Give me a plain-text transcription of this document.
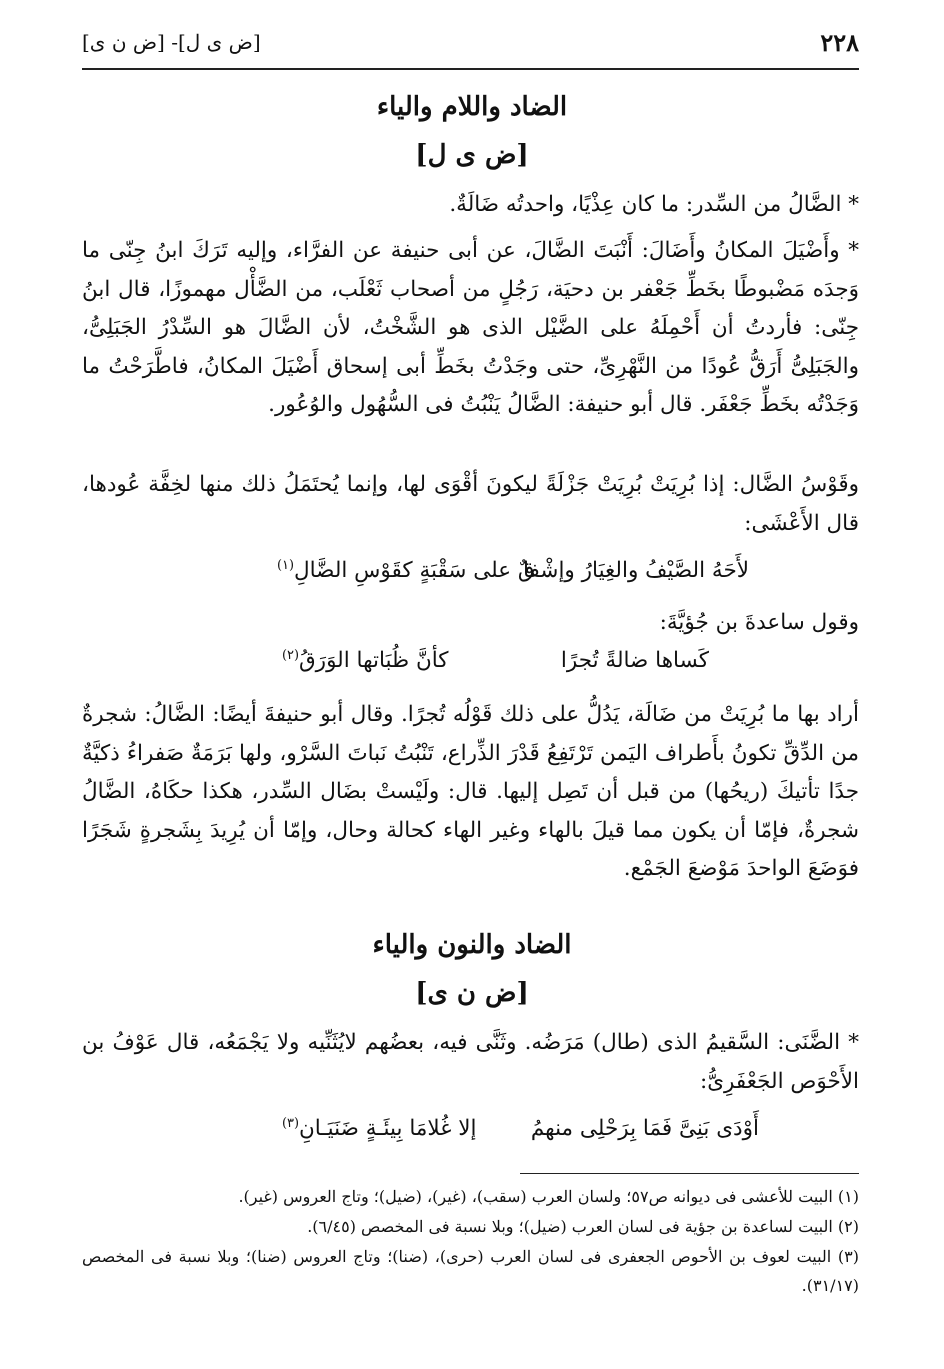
٢٢٨
[ض ى ل]- [ض ن ى]
الضاد واللام والياء
[ض ى ل]
* الضَّالُ من السِّدر: ما كان عِذْيًا، واحدتُه ضَالَةٌ.
* وأَضْيَلَ المكانُ وأَضَالَ: أَنْبَتَ الضَّالَ، عن أبى حنيفة عن الفرَّاء، وإليه تَرَكَ ابنُ جِنّى ما وَجدَه مَضْبوطًا بخَطِّ جَعْفر بن دحيَة، رَجُلٍ من أصحاب ثَعْلَب، من الضَّأْل مهموزًا، قال ابنُ جِنّى: فأردتُ أن أَحْمِلَهُ على الضَّيْل الذى هو الشَّخْتُ، لأن الضَّالَ هو السِّدْرُ الجَبَلِىُّ، والجَبَلِىُّ أَرَقُّ عُودًا من النَّهْرِىِّ، حتى وجَدْتُ بخَطِّ أبى إسحاق أَضْيَلَ المكانُ، فاطَّرَحْتُ ما وَجَدْتُه بخَطِّ جَعْفَر. قال أبو حنيفة: الضَّالُ يَنْبُتُ فى السُّهُول والوُعُور.
وقَوْسُ الضَّال: إذا بُرِيَتْ بُرِيَتْ جَزْلَةً ليكونَ أقْوَى لها، وإنما يُحتَمَلُ ذلك منها لخِفَّة عُودها، قال الأَعْشَى:
لأَحَهُ الصَّيْفُ والغِيَارُ وإشْفا
قٌ على سَقْبَةٍ كقَوْسِ الضَّالِ$^{(١)}$
وقول ساعدةَ بن جُؤيَّةَ:
كَساها ضالةً تُجرًا
كأنَّ ظُبَاتها الوَرَقُ$^{(٢)}$
أراد بها ما بُرِيَتْ من ضَالَة، يَدُلُّ على ذلك قَوْلُه تُجرًا. وقال أبو حنيفةَ أيضًا: الضَّالُ: شجرةٌ من الدِّقِّ تكونُ بأَطراف اليَمن تَرْتَفِعُ قَدْرَ الذِّراع، تَنْبُتُ نَباتَ السَّرْو، ولها بَرَمَةٌ صَفراءُ ذكيَّةٌ جدًا تأتيكَ (ريحُها) من قبل أن تَصِل إليها. قال: ولَيْستْ بضَال السِّدر، هكذا حكَاهُ، الضَّالُ شجرةٌ، فإمّا أن يكون مما قيلَ بالهاء وغير الهاء كحالة وحال، وإمّا أن يُرِيدَ بِشَجرةٍ شَجَرًا فوَضَعَ الواحدَ مَوْضعَ الجَمْع.
الضاد والنون والياء
[ض ن ى]
* الضَّنَى: السَّقيمُ الذى (طال) مَرَضُه. وثَنَّى فيه، بعضُهم لايُثَنِّيه ولا يَجْمَعُه، قال عَوْفُ بن الأَحْوَص الجَعْفَرِىُّ:
أَوْدَى بَنِىَّ فَمَا بِرَحْلِى منهمُ
إلا غُلامَا بِيئَـةٍ ضَنَيَـانِ$^{(٣)}$
(١) البيت للأعشى فى ديوانه ص٥٧؛ ولسان العرب (سقب)، (غير)، (ضيل)؛ وتاج العروس (غير).
(٢) البيت لساعدة بن جؤية فى لسان العرب (ضيل)؛ وبلا نسبة فى المخصص (٦/٤٥).
(٣) البيت لعوف بن الأحوص الجعفرى فى لسان العرب (حرى)، (ضنا)؛ وتاج العروس (ضنا)؛ وبلا نسبة فى المخصص (٣١/١٧).
